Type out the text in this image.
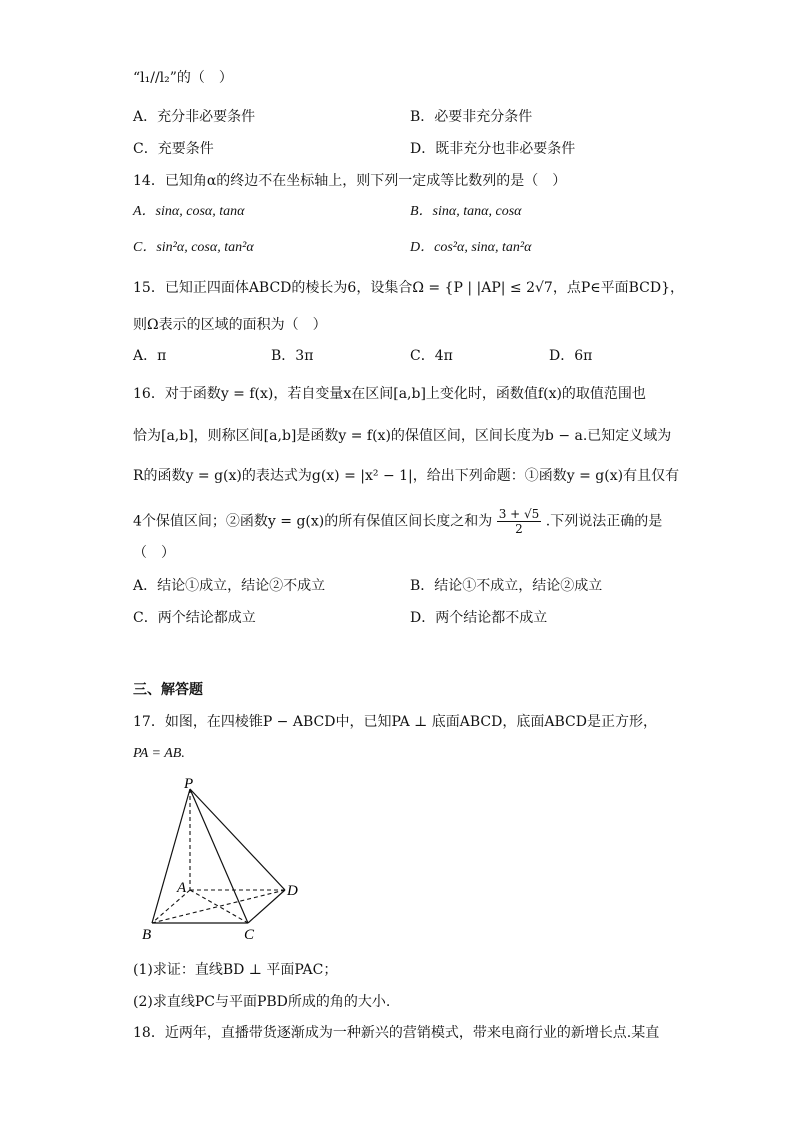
“l₁//l₂”的（　）
A．充分非必要条件	B．必要非充分条件
C．充要条件	D．既非充分也非必要条件
14．已知角α的终边不在坐标轴上，则下列一定成等比数列的是（　）
A．sinα, cosα, tanα	B．sinα, tanα, cosα
C．sin²α, cosα, tan²α	D．cos²α, sinα, tan²α
15．已知正四面体ABCD的棱长为6，设集合Ω = {P | |AP| ≤ 2√7，点P∈平面BCD}，
则Ω表示的区域的面积为（　）
A．π	B．3π	C．4π	D．6π
16．对于函数y = f(x)，若自变量x在区间[a,b]上变化时，函数值f(x)的取值范围也
恰为[a,b]，则称区间[a,b]是函数y = f(x)的保值区间，区间长度为b − a.已知定义域为
R的函数y = g(x)的表达式为g(x) = |x² − 1|，给出下列命题：①函数y = g(x)有且仅有
4个保值区间；②函数y = g(x)的所有保值区间长度之和为 $\frac{3 + √5}{2}$ .下列说法正确的是
（　）
A．结论①成立，结论②不成立	B．结论①不成立，结论②成立
C．两个结论都成立	D．两个结论都不成立
三、解答题
17．如图，在四棱锥P − ABCD中，已知PA ⊥ 底面ABCD，底面ABCD是正方形，
PA = AB.
P
A
B	C
D
(1)求证：直线BD ⊥ 平面PAC；
(2)求直线PC与平面PBD所成的角的大小.
18．近两年，直播带货逐渐成为一种新兴的营销模式，带来电商行业的新增长点.某直
